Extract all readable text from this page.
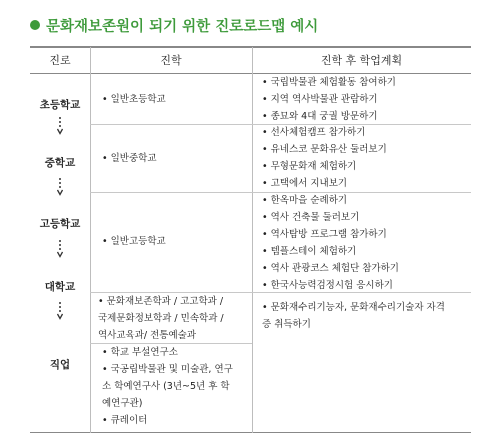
문화재보존원이 되기 위한 진로로드맵 예시
진로	진학	진학 후 학업계획
초등학교
중학교
고등학교
대학교
직업
• 일반초등학교
• 일반중학교
• 일반고등학교
• 문화재보존학과 / 고고학과 /
국제문화정보학과 / 민속학과 /
역사교육과/ 전통예술과
• 학교 부설연구소
• 국공립박물관 및 미술관, 연구
소 학예연구사 (3년~5년 후 학
예연구관)
• 큐레이터
• 국립박물관 체험활동 참여하기
• 지역 역사박물관 관람하기
• 종묘와 4대 궁궐 방문하기
• 선사체험캠프 참가하기
• 유네스코 문화유산 둘러보기
• 무형문화재 체험하기
• 고택에서 지내보기
• 한옥마을 순례하기
• 역사 건축물 둘러보기
• 역사탐방 프로그램 참가하기
• 템플스테이 체험하기
• 역사 관광코스 체험단 참가하기
• 한국사능력검정시험 응시하기
• 문화재수리기능자, 문화재수리기술자 자격
증 취득하기
